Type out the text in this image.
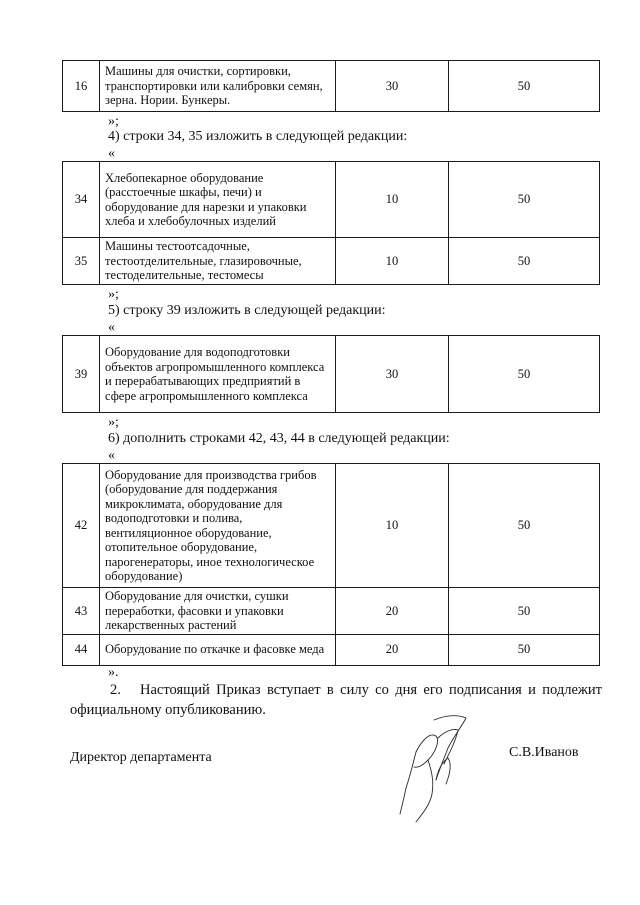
16	Машины для очистки, сортировки, транспортировки или калибровки семян, зерна. Нории. Бункеры.	30	50
»;
4) строки 34, 35 изложить в следующей редакции:
«
34	Хлебопекарное оборудование (расстоечные шкафы, печи) и оборудование для нарезки и упаковки хлеба и хлебобулочных изделий	10	50
35	Машины тестоотсадочные, тестоотделительные, глазировочные, тестоделительные, тестомесы	10	50
»;
5) строку 39 изложить в следующей редакции:
«
39	Оборудование для водоподготовки объектов агропромышленного комплекса и перерабатывающих предприятий в сфере агропромышленного комплекса	30	50
»;
6) дополнить строками 42, 43, 44 в следующей редакции:
«
42	Оборудование для производства грибов (оборудование для поддержания микроклимата, оборудование для водоподготовки и полива, вентиляционное оборудование, отопительное оборудование, парогенераторы, иное технологическое оборудование)	10	50
43	Оборудование для очистки, сушки переработки, фасовки и упаковки лекарственных растений	20	50
44	Оборудование по откачке и фасовке меда	20	50
».
2. Настоящий Приказ вступает в силу со дня его подписания и подлежит официальному опубликованию.
Директор департамента	С.В.Иванов
